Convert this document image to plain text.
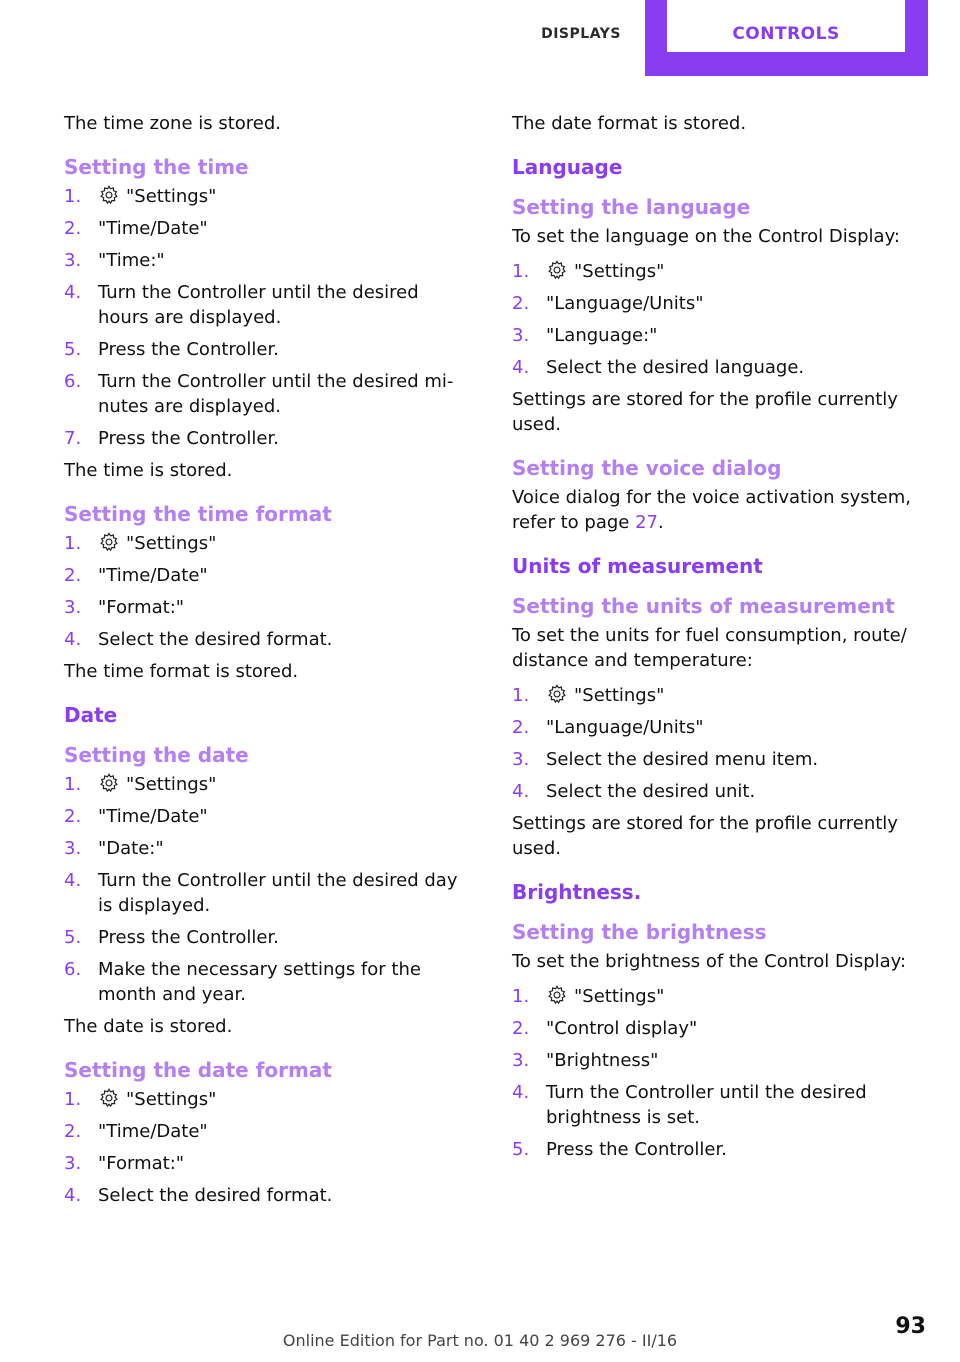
DISPLAYS	CONTROLS

The time zone is stored.

Setting the time
1. "Settings"
2. "Time/Date"
3. "Time:"
4. Turn the Controller until the desired hours are displayed.
5. Press the Controller.
6. Turn the Controller until the desired minutes are displayed.
7. Press the Controller.

The time is stored.

Setting the time format
1. "Settings"
2. "Time/Date"
3. "Format:"
4. Select the desired format.

The time format is stored.

Date
Setting the date
1. "Settings"
2. "Time/Date"
3. "Date:"
4. Turn the Controller until the desired day is displayed.
5. Press the Controller.
6. Make the necessary settings for the month and year.

The date is stored.

Setting the date format
1. "Settings"
2. "Time/Date"
3. "Format:"
4. Select the desired format.

The date format is stored.

Language
Setting the language

To set the language on the Control Display:

1. "Settings"
2. "Language/Units"
3. "Language:"
4. Select the desired language.

Settings are stored for the profile currently used.

Setting the voice dialog

Voice dialog for the voice activation system, refer to page 27.

Units of measurement
Setting the units of measurement

To set the units for fuel consumption, route/ distance and temperature:

1. "Settings"
2. "Language/Units"
3. Select the desired menu item.
4. Select the desired unit.

Settings are stored for the profile currently used.

Brightness.
Setting the brightness

To set the brightness of the Control Display:

1. "Settings"
2. "Control display"
3. "Brightness"
4. Turn the Controller until the desired brightness is set.
5. Press the Controller.
93
Online Edition for Part no. 01 40 2 969 276 - II/16
